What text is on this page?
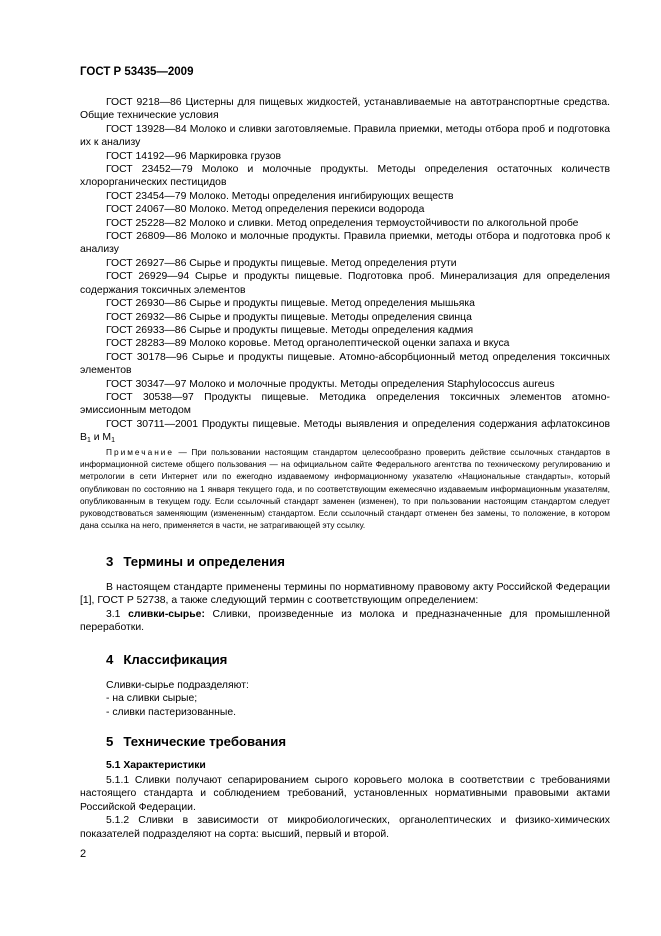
ГОСТ Р 53435—2009

ГОСТ 9218—86 Цистерны для пищевых жидкостей, устанавливаемые на автотранспортные средства. Общие технические условия

ГОСТ 13928—84 Молоко и сливки заготовляемые. Правила приемки, методы отбора проб и подготовка их к анализу

ГОСТ 14192—96 Маркировка грузов

ГОСТ 23452—79 Молоко и молочные продукты. Методы определения остаточных количеств хлорорганических пестицидов

ГОСТ 23454—79 Молоко. Методы определения ингибирующих веществ

ГОСТ 24067—80 Молоко. Метод определения перекиси водорода

ГОСТ 25228—82 Молоко и сливки. Метод определения термоустойчивости по алкогольной пробе

ГОСТ 26809—86 Молоко и молочные продукты. Правила приемки, методы отбора и подготовка проб к анализу

ГОСТ 26927—86 Сырье и продукты пищевые. Метод определения ртути

ГОСТ 26929—94 Сырье и продукты пищевые. Подготовка проб. Минерализация для определения содержания токсичных элементов

ГОСТ 26930—86 Сырье и продукты пищевые. Метод определения мышьяка

ГОСТ 26932—86 Сырье и продукты пищевые. Методы определения свинца

ГОСТ 26933—86 Сырье и продукты пищевые. Методы определения кадмия

ГОСТ 28283—89 Молоко коровье. Метод органолептической оценки запаха и вкуса

ГОСТ 30178—96 Сырье и продукты пищевые. Атомно-абсорбционный метод определения токсичных элементов

ГОСТ 30347—97 Молоко и молочные продукты. Методы определения Staphylococcus aureus

ГОСТ 30538—97 Продукты пищевые. Методика определения токсичных элементов атомно-эмиссионным методом

ГОСТ 30711—2001 Продукты пищевые. Методы выявления и определения содержания афлатоксинов $B_1$ и $M_1$

Примечание — При пользовании настоящим стандартом целесообразно проверить действие ссылочных стандартов в информационной системе общего пользования — на официальном сайте Федерального агентства по техническому регулированию и метрологии в сети Интернет или по ежегодно издаваемому информационному указателю «Национальные стандарты», который опубликован по состоянию на 1 января текущего года, и по соответствующим ежемесячно издаваемым информационным указателям, опубликованным в текущем году. Если ссылочный стандарт заменен (изменен), то при пользовании настоящим стандартом следует руководствоваться заменяющим (измененным) стандартом. Если ссылочный стандарт отменен без замены, то положение, в котором дана ссылка на него, применяется в части, не затрагивающей эту ссылку.
3 Термины и определения

В настоящем стандарте применены термины по нормативному правовому акту Российской Федерации [1], ГОСТ Р 52738, а также следующий термин с соответствующим определением:

3.1 сливки-сырье: Сливки, произведенные из молока и предназначенные для промышленной переработки.

4 Классификация

Сливки-сырье подразделяют:

- на сливки сырые;

- сливки пастеризованные.

5 Технические требования
5.1 Характеристики

5.1.1 Сливки получают сепарированием сырого коровьего молока в соответствии с требованиями настоящего стандарта и соблюдением требований, установленных нормативными правовыми актами Российской Федерации.

5.1.2 Сливки в зависимости от микробиологических, органолептических и физико-химических показателей подразделяют на сорта: высший, первый и второй.

2
